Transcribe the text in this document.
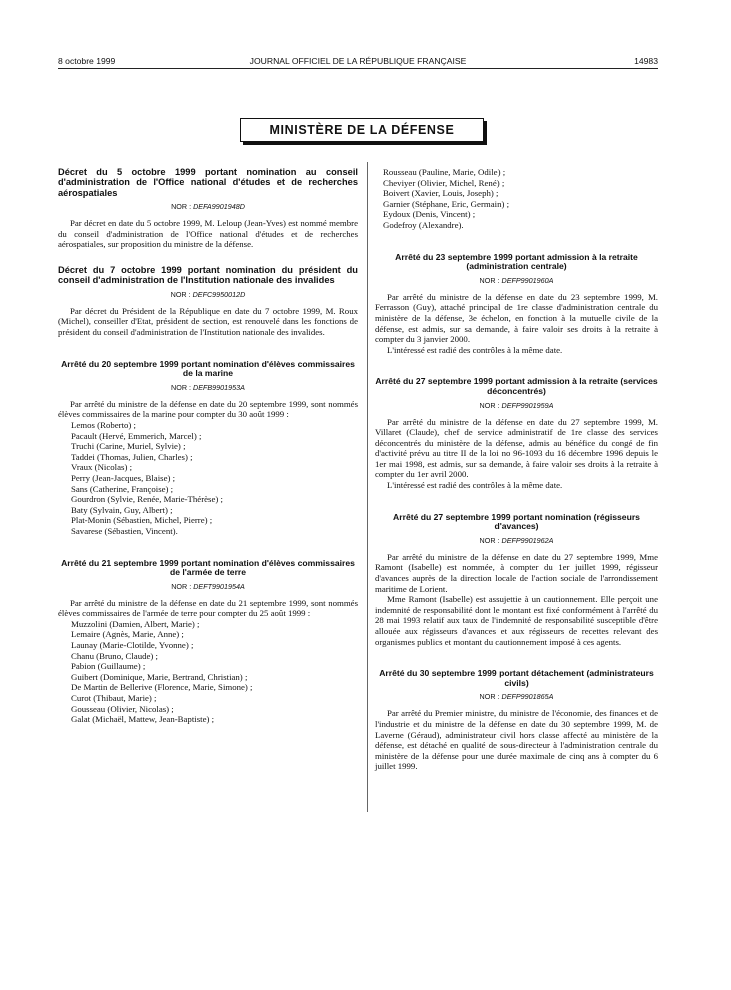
8 octobre 1999	JOURNAL OFFICIEL DE LA RÉPUBLIQUE FRANÇAISE	14983
MINISTÈRE DE LA DÉFENSE
Décret du 5 octobre 1999 portant nomination au conseil d'administration de l'Office national d'études et de recherches aérospatiales
NOR : DEFA9901948D

Par décret en date du 5 octobre 1999, M. Leloup (Jean-Yves) est nommé membre du conseil d'administration de l'Office national d'études et de recherches aérospatiales, sur proposition du ministre de la défense.

Décret du 7 octobre 1999 portant nomination du président du conseil d'administration de l'Institution nationale des invalides
NOR : DEFC9950012D

Par décret du Président de la République en date du 7 octobre 1999, M. Roux (Michel), conseiller d'Etat, président de section, est renouvelé dans les fonctions de président du conseil d'administration de l'Institution nationale des invalides.

Arrêté du 20 septembre 1999 portant nomination d'élèves commissaires de la marine
NOR : DEFB9901953A

Par arrêté du ministre de la défense en date du 20 septembre 1999, sont nommés élèves commissaires de la marine pour compter du 30 août 1999 :

Lemos (Roberto) ;
Pacault (Hervé, Emmerich, Marcel) ;
Truchi (Carine, Muriel, Sylvie) ;
Taddei (Thomas, Julien, Charles) ;
Vraux (Nicolas) ;
Perry (Jean-Jacques, Blaise) ;
Sans (Catherine, Françoise) ;
Gourdron (Sylvie, Renée, Marie-Thérèse) ;
Baty (Sylvain, Guy, Albert) ;
Plat-Monin (Sébastien, Michel, Pierre) ;
Savarese (Sébastien, Vincent).
Arrêté du 21 septembre 1999 portant nomination d'élèves commissaires de l'armée de terre
NOR : DEFT9901954A

Par arrêté du ministre de la défense en date du 21 septembre 1999, sont nommés élèves commissaires de l'armée de terre pour compter du 25 août 1999 :

Muzzolini (Damien, Albert, Marie) ;
Lemaire (Agnès, Marie, Anne) ;
Launay (Marie-Clotilde, Yvonne) ;
Chanu (Bruno, Claude) ;
Pabion (Guillaume) ;
Guibert (Dominique, Marie, Bertrand, Christian) ;
De Martin de Bellerive (Florence, Marie, Simone) ;
Curot (Thibaut, Marie) ;
Gousseau (Olivier, Nicolas) ;
Galat (Michaël, Mattew, Jean-Baptiste) ;
Rousseau (Pauline, Marie, Odile) ;
Cheviyer (Olivier, Michel, René) ;
Boivert (Xavier, Louis, Joseph) ;
Garnier (Stéphane, Eric, Germain) ;
Eydoux (Denis, Vincent) ;
Godefroy (Alexandre).
Arrêté du 23 septembre 1999 portant admission à la retraite (administration centrale)
NOR : DEFP9901960A

Par arrêté du ministre de la défense en date du 23 septembre 1999, M. Ferrasson (Guy), attaché principal de 1re classe d'administration centrale du ministère de la défense, 3e échelon, en fonction à la mutuelle civile de la défense, est admis, sur sa demande, à faire valoir ses droits à la retraite à compter du 3 janvier 2000.

L'intéressé est radié des contrôles à la même date.

Arrêté du 27 septembre 1999 portant admission à la retraite (services déconcentrés)
NOR : DEFP9901959A

Par arrêté du ministre de la défense en date du 27 septembre 1999, M. Villaret (Claude), chef de service administratif de 1re classe des services déconcentrés du ministère de la défense, admis au bénéfice du congé de fin d'activité prévu au titre II de la loi no 96-1093 du 16 décembre 1996 depuis le 1er mai 1998, est admis, sur sa demande, à faire valoir ses droits à la retraite à compter du 1er avril 2000.

L'intéressé est radié des contrôles à la même date.

Arrêté du 27 septembre 1999 portant nomination (régisseurs d'avances)
NOR : DEFP9901962A

Par arrêté du ministre de la défense en date du 27 septembre 1999, Mme Ramont (Isabelle) est nommée, à compter du 1er juillet 1999, régisseur d'avances auprès de la direction locale de l'action sociale de l'arrondissement maritime de Lorient.

Mme Ramont (Isabelle) est assujettie à un cautionnement. Elle perçoit une indemnité de responsabilité dont le montant est fixé conformément à l'arrêté du 28 mai 1993 relatif aux taux de l'indemnité de responsabilité susceptible d'être allouée aux régisseurs d'avances et aux régisseurs de recettes relevant des organismes publics et montant du cautionnement imposé à ces agents.

Arrêté du 30 septembre 1999 portant détachement (administrateurs civils)
NOR : DEFP9901865A

Par arrêté du Premier ministre, du ministre de l'économie, des finances et de l'industrie et du ministre de la défense en date du 30 septembre 1999, M. de Laverne (Géraud), administrateur civil hors classe affecté au ministère de la défense, est détaché en qualité de sous-directeur à l'administration centrale du ministère de la défense pour une durée maximale de cinq ans à compter du 6 juillet 1999.
